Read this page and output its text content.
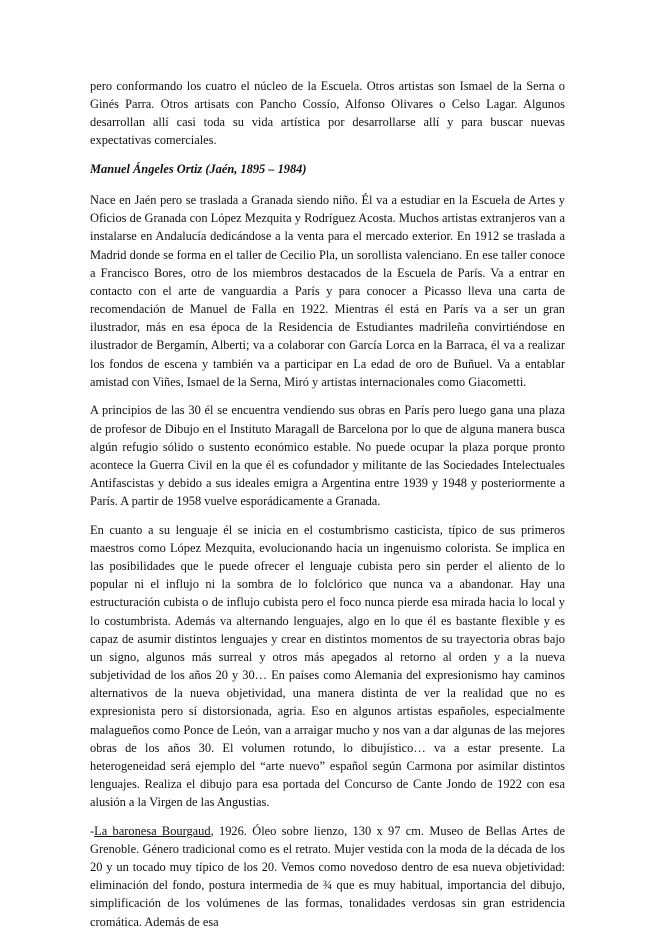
pero conformando los cuatro el núcleo de la Escuela. Otros artistas son Ismael de la Serna o Ginés Parra. Otros artisats con Pancho Cossío, Alfonso Olivares o Celso Lagar. Algunos desarrollan allí casi toda su vida artística por desarrollarse allí y para buscar nuevas expectativas comerciales.

Manuel Ángeles Ortiz (Jaén, 1895 – 1984)

Nace en Jaén pero se traslada a Granada siendo niño. Él va a estudiar en la Escuela de Artes y Oficios de Granada con López Mezquita y Rodríguez Acosta. Muchos artistas extranjeros van a instalarse en Andalucía dedicándose a la venta para el mercado exterior. En 1912 se traslada a Madrid donde se forma en el taller de Cecilio Pla, un sorollista valenciano. En ese taller conoce a Francisco Bores, otro de los miembros destacados de la Escuela de París. Va a entrar en contacto con el arte de vanguardia a París y para conocer a Picasso lleva una carta de recomendación de Manuel de Falla en 1922. Mientras él está en París va a ser un gran ilustrador, más en esa época de la Residencia de Estudiantes madrileña convirtiéndose en ilustrador de Bergamín, Alberti; va a colaborar con García Lorca en la Barraca, él va a realizar los fondos de escena y también va a participar en La edad de oro de Buñuel. Va a entablar amistad con Viñes, Ismael de la Serna, Miró y artistas internacionales como Giacometti.

A principios de las 30 él se encuentra vendiendo sus obras en París pero luego gana una plaza de profesor de Dibujo en el Instituto Maragall de Barcelona por lo que de alguna manera busca algún refugio sólido o sustento económico estable. No puede ocupar la plaza porque pronto acontece la Guerra Civil en la que él es cofundador y militante de las Sociedades Intelectuales Antifascistas y debido a sus ideales emigra a Argentina entre 1939 y 1948 y posteriormente a París. A partir de 1958 vuelve esporádicamente a Granada.

En cuanto a su lenguaje él se inicia en el costumbrismo casticista, típico de sus primeros maestros como López Mezquita, evolucionando hacia un ingenuismo colorista. Se implica en las posibilidades que le puede ofrecer el lenguaje cubista pero sin perder el aliento de lo popular ni el influjo ni la sombra de lo folclórico que nunca va a abandonar. Hay una estructuración cubista o de influjo cubista pero el foco nunca pierde esa mirada hacia lo local y lo costumbrista. Además va alternando lenguajes, algo en lo que él es bastante flexible y es capaz de asumir distintos lenguajes y crear en distintos momentos de su trayectoria obras bajo un signo, algunos más surreal y otros más apegados al retorno al orden y a la nueva subjetividad de los años 20 y 30… En países como Alemania del expresionismo hay caminos alternativos de la nueva objetividad, una manera distinta de ver la realidad que no es expresionista pero sí distorsionada, agria. Eso en algunos artistas españoles, especialmente malagueños como Ponce de León, van a arraigar mucho y nos van a dar algunas de las mejores obras de los años 30. El volumen rotundo, lo dibujístico… va a estar presente. La heterogeneidad será ejemplo del “arte nuevo” español según Carmona por asimilar distintos lenguajes. Realiza el dibujo para esa portada del Concurso de Cante Jondo de 1922 con esa alusión a la Virgen de las Angustias.

-La baronesa Bourgaud, 1926. Óleo sobre lienzo, 130 x 97 cm. Museo de Bellas Artes de Grenoble. Género tradicional como es el retrato. Mujer vestida con la moda de la década de los 20 y un tocado muy típico de los 20. Vemos como novedoso dentro de esa nueva objetividad: eliminación del fondo, postura intermedia de ¾ que es muy habitual, importancia del dibujo, simplificación de los volúmenes de las formas, tonalidades verdosas sin gran estridencia cromática. Además de esa
